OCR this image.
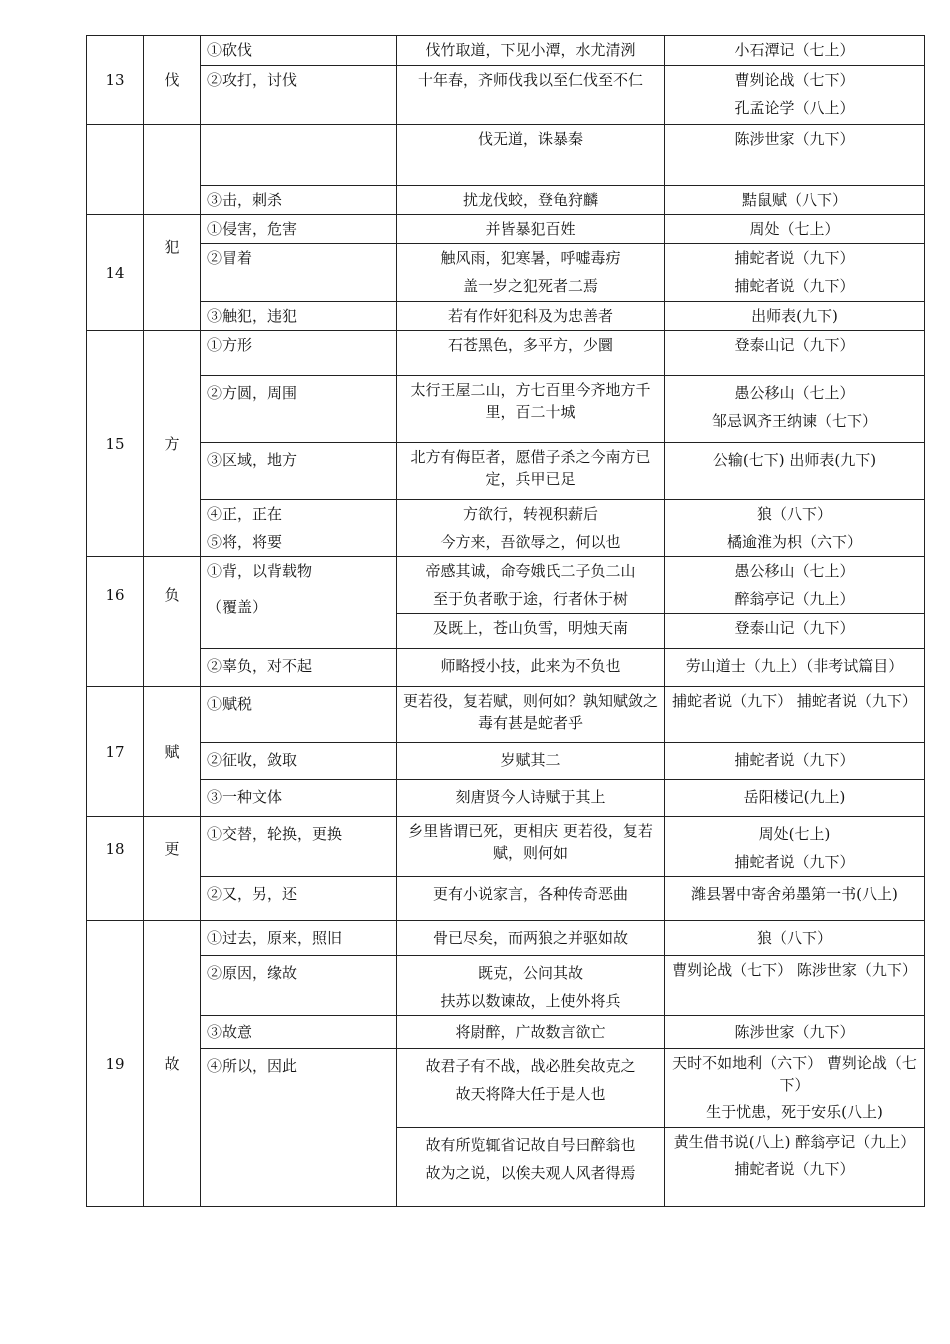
13	伐	①砍伐	伐竹取道，下见小潭，水尤清洌	小石潭记（七上）

		②攻打，讨伐	十年春，齐师伐我以至仁伐至不仁	曹刿论战（七下）
孔孟论学（八上）

			伐无道，诛暴秦	陈涉世家（九下）

		③击，刺杀	扰龙伐蛟，登龟狩麟	黠鼠赋（八下）

14	犯	①侵害，危害	并皆暴犯百姓	周处（七上）

		②冒着	触风雨，犯寒暑，呼嘘毒疠
盖一岁之犯死者二焉	捕蛇者说（九下）
捕蛇者说（九下）

		③触犯，违犯	若有作奸犯科及为忠善者	出师表(九下)

15	方	①方形	石苍黑色，多平方，少圜	登泰山记（九下）

		②方圆，周围	太行王屋二山，方七百里今齐地方千里，百二十城	愚公移山（七上）
邹忌讽齐王纳谏（七下）

		③区域，地方	北方有侮臣者，愿借子杀之今南方已定，兵甲已足	公输(七下) 出师表(九下)

		④正，正在
⑤将，将要	方欲行，转视积薪后
今方来，吾欲辱之，何以也	狼（八下）
橘逾淮为枳（六下）

16	负	①背，以背载物
（覆盖）	帝感其诚，命夸娥氏二子负二山
至于负者歌于途，行者休于树	愚公移山（七上）
醉翁亭记（九上）

			及既上，苍山负雪，明烛天南	登泰山记（九下）

		②辜负，对不起	师略授小技，此来为不负也	劳山道士（九上）（非考试篇目）

17	赋	①赋税	更若役，复若赋，则何如？孰知赋敛之毒有甚是蛇者乎	捕蛇者说（九下） 捕蛇者说（九下）

		②征收，敛取	岁赋其二	捕蛇者说（九下）

		③一种文体	刻唐贤今人诗赋于其上	岳阳楼记(九上)

18	更	①交替，轮换，更换	乡里皆谓已死，更相庆 更若役，复若赋，则何如	周处(七上)
捕蛇者说（九下）

		②又，另，还	更有小说家言，各种传奇恶曲	潍县署中寄舍弟墨第一书(八上)

19	故	①过去，原来，照旧	骨已尽矣，而两狼之并驱如故	狼（八下）

		②原因，缘故	既克，公问其故
扶苏以数谏故，上使外将兵	曹刿论战（七下） 陈涉世家（九下）

		③故意	将尉醉，广故数言欲亡	陈涉世家（九下）

		④所以，因此	故君子有不战，战必胜矣故克之
故天将降大任于是人也	天时不如地利（六下） 曹刿论战（七下）
生于忧患，死于安乐(八上)

			故有所览辄省记故自号曰醉翁也
故为之说，以俟夫观人风者得焉	黄生借书说(八上) 醉翁亭记（九上）
捕蛇者说（九下）
